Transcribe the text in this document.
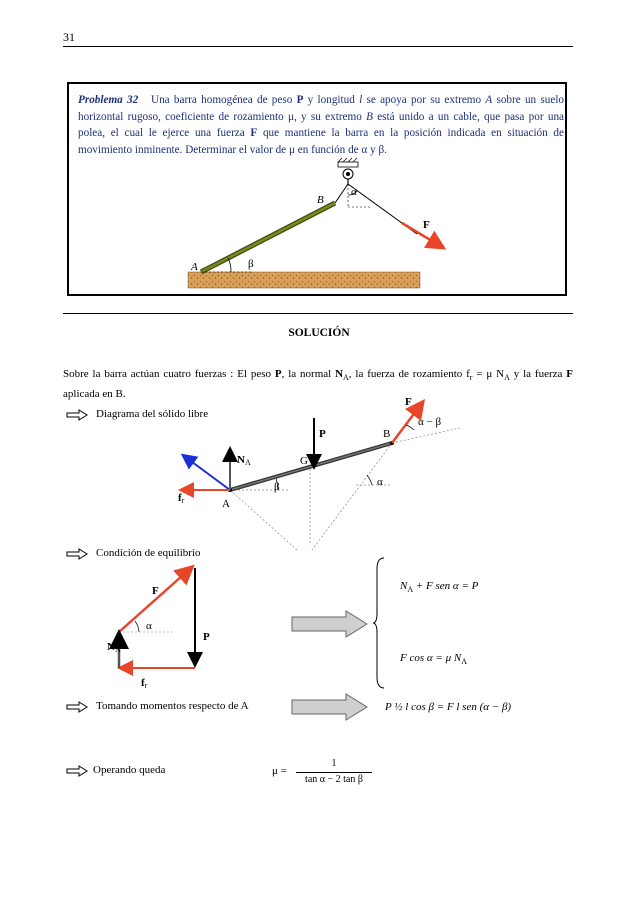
31
Problema 32 Una barra homogénea de peso P y longitud l se apoya por su extremo A sobre un suelo horizontal rugoso, coeficiente de rozamiento μ, y su extremo B está unido a un cable, que pasa por una polea, el cual le ejerce una fuerza F que mantiene la barra en la posición indicada en situación de movimiento inminente. Determinar el valor de μ en función de α y β.
A
B
F
α
β
SOLUCIÓN
Sobre la barra actúan cuatro fuerzas : El peso P, la normal $N_A$, la fuerza de rozamiento $f_r = \mu$ $N_A$ y la fuerza F aplicada en B.
Diagrama del sólido libre
Condición de equilibrio
Tomando momentos respecto de A
Operando queda
P	B
G
A
NA
F
fr
α − β
β	α
F
α
P
NA
fr
$N_A + F$ sen α = P
F cos α = μ $N_A$
P ½ l cos β = F l sen (α − β)
μ =
1
tan α − 2 tan β
